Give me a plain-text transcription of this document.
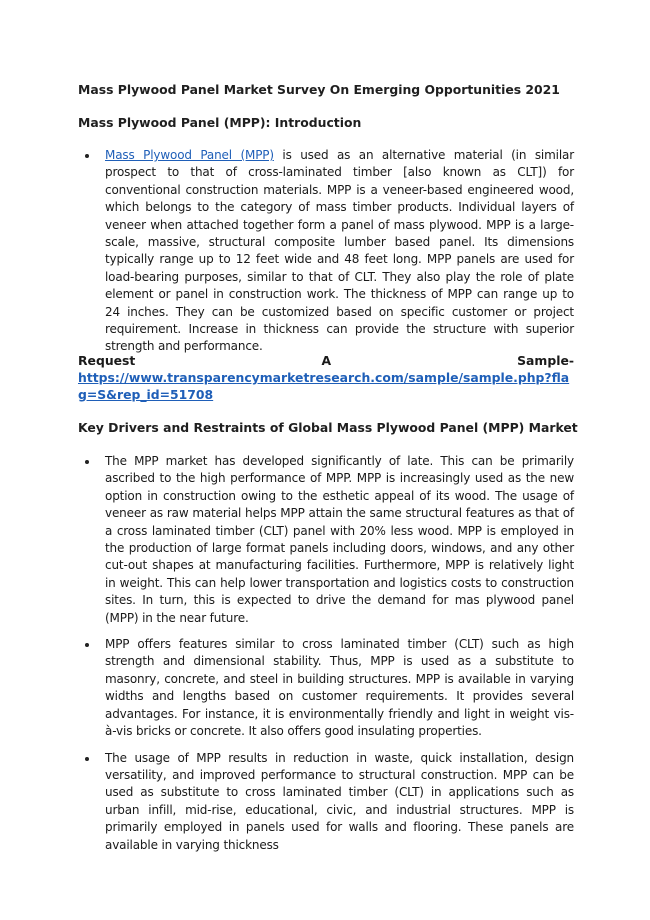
Mass Plywood Panel Market Survey On Emerging Opportunities 2021
Mass Plywood Panel (MPP): Introduction
Mass Plywood Panel (MPP) is used as an alternative material (in similar prospect to that of cross-laminated timber [also known as CLT]) for conventional construction materials. MPP is a veneer-based engineered wood, which belongs to the category of mass timber products. Individual layers of veneer when attached together form a panel of mass plywood. MPP is a large-scale, massive, structural composite lumber based panel. Its dimensions typically range up to 12 feet wide and 48 feet long. MPP panels are used for load-bearing purposes, similar to that of CLT. They also play the role of plate element or panel in construction work. The thickness of MPP can range up to 24 inches. They can be customized based on specific customer or project requirement. Increase in thickness can provide the structure with superior strength and performance.
Request	A	Sample-
https://www.transparencymarketresearch.com/sample/sample.php?flag=S&rep_id=51708
Key Drivers and Restraints of Global Mass Plywood Panel (MPP) Market
The MPP market has developed significantly of late. This can be primarily ascribed to the high performance of MPP. MPP is increasingly used as the new option in construction owing to the esthetic appeal of its wood. The usage of veneer as raw material helps MPP attain the same structural features as that of a cross laminated timber (CLT) panel with 20% less wood. MPP is employed in the production of large format panels including doors, windows, and any other cut-out shapes at manufacturing facilities. Furthermore, MPP is relatively light in weight. This can help lower transportation and logistics costs to construction sites. In turn, this is expected to drive the demand for mas plywood panel (MPP) in the near future.
MPP offers features similar to cross laminated timber (CLT) such as high strength and dimensional stability. Thus, MPP is used as a substitute to masonry, concrete, and steel in building structures. MPP is available in varying widths and lengths based on customer requirements. It provides several advantages. For instance, it is environmentally friendly and light in weight vis-à-vis bricks or concrete. It also offers good insulating properties.
The usage of MPP results in reduction in waste, quick installation, design versatility, and improved performance to structural construction. MPP can be used as substitute to cross laminated timber (CLT) in applications such as urban infill, mid-rise, educational, civic, and industrial structures. MPP is primarily employed in panels used for walls and flooring. These panels are available in varying thickness
